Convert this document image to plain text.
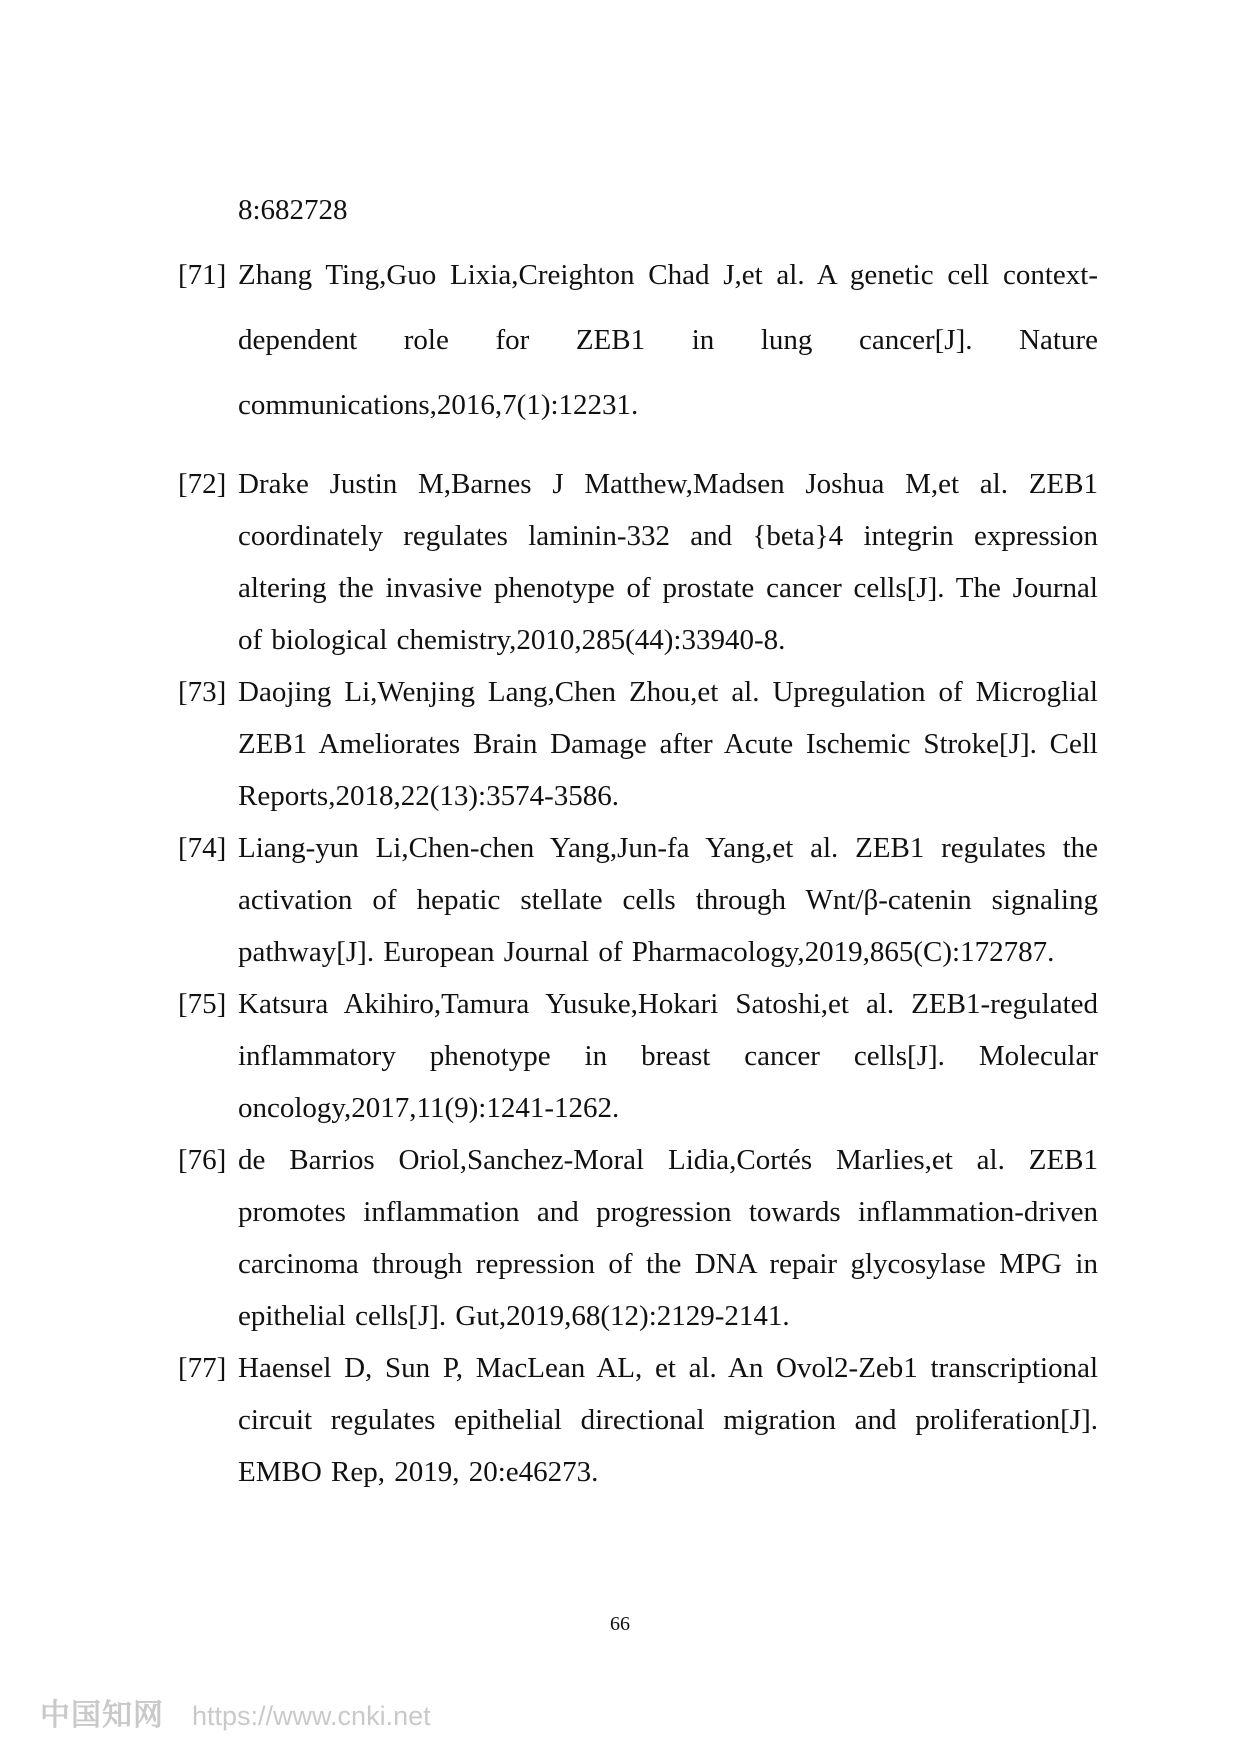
8:682728
[71] Zhang Ting,Guo Lixia,Creighton Chad J,et al. A genetic cell context-dependent role for ZEB1 in lung cancer[J]. Nature communications,2016,7(1):12231.
[72] Drake Justin M,Barnes J Matthew,Madsen Joshua M,et al. ZEB1 coordinately regulates laminin-332 and {beta}4 integrin expression altering the invasive phenotype of prostate cancer cells[J]. The Journal of biological chemistry,2010,285(44):33940-8.
[73] Daojing Li,Wenjing Lang,Chen Zhou,et al. Upregulation of Microglial ZEB1 Ameliorates Brain Damage after Acute Ischemic Stroke[J]. Cell Reports,2018,22(13):3574-3586.
[74] Liang-yun Li,Chen-chen Yang,Jun-fa Yang,et al. ZEB1 regulates the activation of hepatic stellate cells through Wnt/β-catenin signaling pathway[J]. European Journal of Pharmacology,2019,865(C):172787.
[75] Katsura Akihiro,Tamura Yusuke,Hokari Satoshi,et al. ZEB1-regulated inflammatory phenotype in breast cancer cells[J]. Molecular oncology,2017,11(9):1241-1262.
[76] de Barrios Oriol,Sanchez-Moral Lidia,Cortés Marlies,et al. ZEB1 promotes inflammation and progression towards inflammation-driven carcinoma through repression of the DNA repair glycosylase MPG in epithelial cells[J]. Gut,2019,68(12):2129-2141.
[77] Haensel D, Sun P, MacLean AL, et al. An Ovol2-Zeb1 transcriptional circuit regulates epithelial directional migration and proliferation[J]. EMBO Rep, 2019, 20:e46273.
66
中国知网 https://www.cnki.net
